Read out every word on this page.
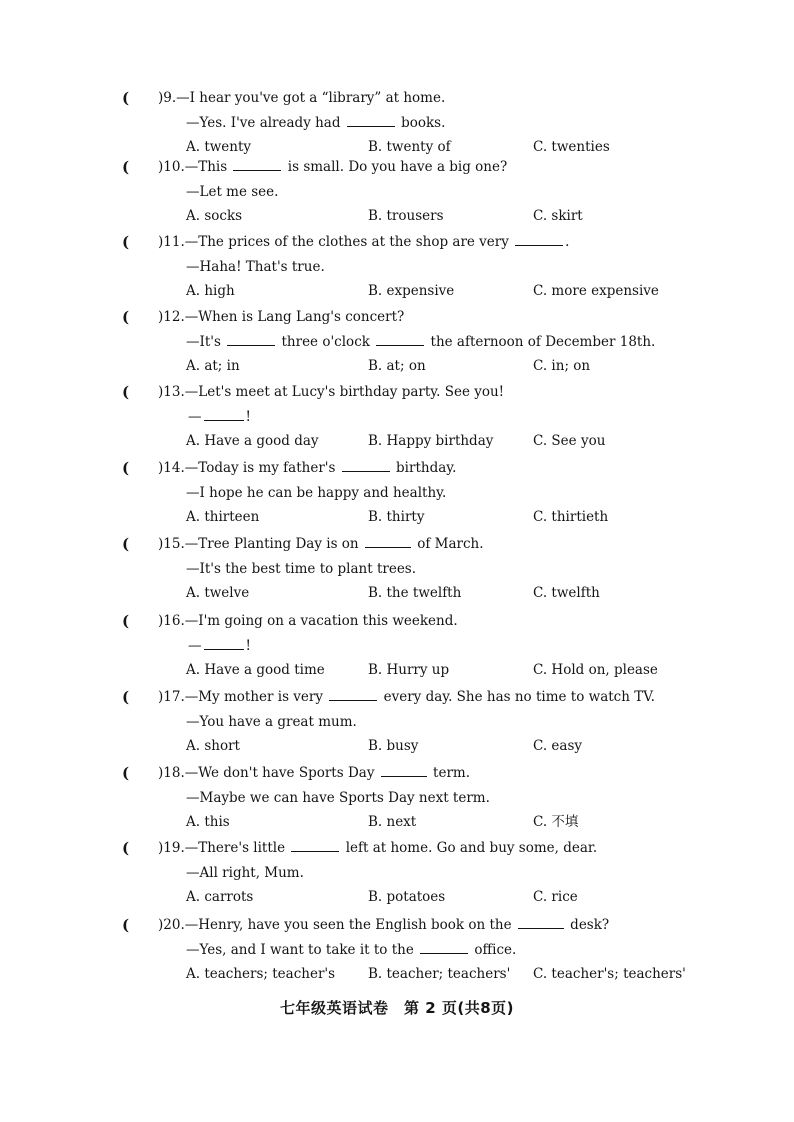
( )9.—I hear you've got a “library” at home.
—Yes. I've already had	books.
A. twenty	B. twenty of	C. twenties
( )10.—This	is small. Do you have a big one?
—Let me see.
A. socks	B. trousers	C. skirt
( )11.—The prices of the clothes at the shop are very	.
—Haha! That's true.
A. high	B. expensive	C. more expensive
( )12.—When is Lang Lang's concert?
—It's	three o'clock	the afternoon of December 18th.
A. at; in	B. at; on	C. in; on
( )13.—Let's meet at Lucy's birthday party. See you!
—	!
A. Have a good day	B. Happy birthday	C. See you
( )14.—Today is my father's	birthday.
—I hope he can be happy and healthy.
A. thirteen	B. thirty	C. thirtieth
( )15.—Tree Planting Day is on	of March.
—It's the best time to plant trees.
A. twelve	B. the twelfth	C. twelfth
( )16.—I'm going on a vacation this weekend.
—	!
A. Have a good time	B. Hurry up	C. Hold on, please
( )17.—My mother is very	every day. She has no time to watch TV.
—You have a great mum.
A. short	B. busy	C. easy
( )18.—We don't have Sports Day	term.
—Maybe we can have Sports Day next term.
A. this	B. next	C. 不填
( )19.—There's little	left at home. Go and buy some, dear.
—All right, Mum.
A. carrots	B. potatoes	C. rice
( )20.—Henry, have you seen the English book on the	desk?
—Yes, and I want to take it to the	office.
A. teachers; teacher's B. teacher; teachers' C. teacher's; teachers'
七年级英语试卷　第 2 页(共8页)
